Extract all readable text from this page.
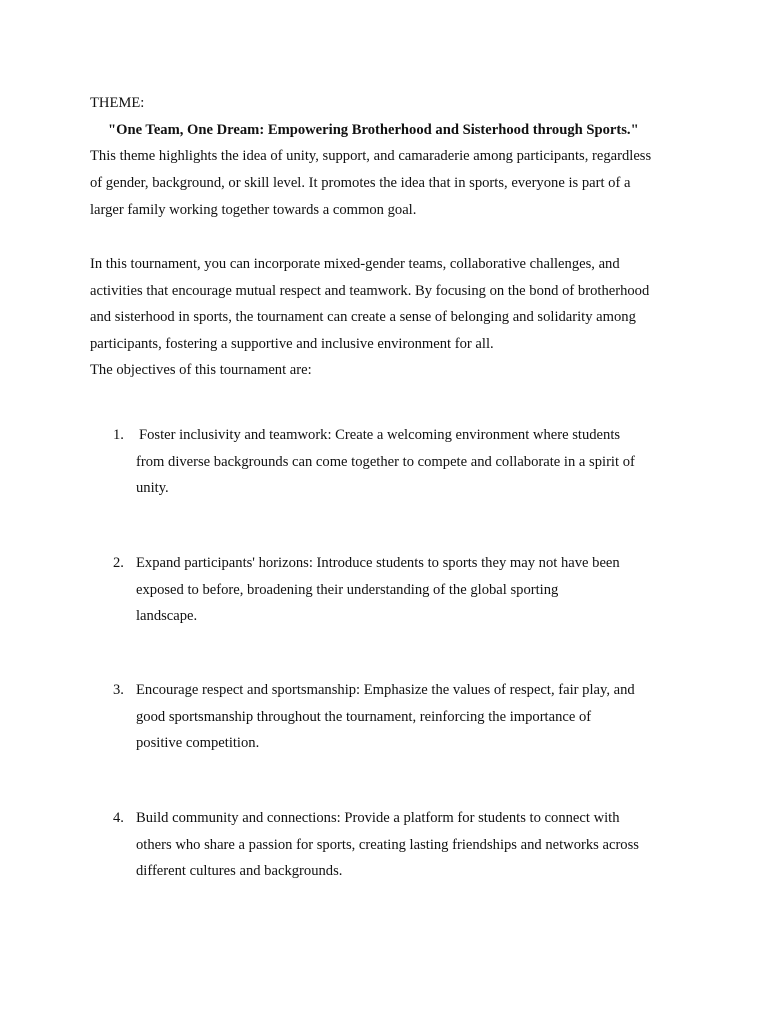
THEME:
"One Team, One Dream: Empowering Brotherhood and Sisterhood through Sports."
This theme highlights the idea of unity, support, and camaraderie among participants, regardless
of gender, background, or skill level. It promotes the idea that in sports, everyone is part of a
larger family working together towards a common goal.
In this tournament, you can incorporate mixed-gender teams, collaborative challenges, and
activities that encourage mutual respect and teamwork. By focusing on the bond of brotherhood
and sisterhood in sports, the tournament can create a sense of belonging and solidarity among
participants, fostering a supportive and inclusive environment for all.
The objectives of this tournament are:
1. Foster inclusivity and teamwork: Create a welcoming environment where students
from diverse backgrounds can come together to compete and collaborate in a spirit of
unity.
2. Expand participants' horizons: Introduce students to sports they may not have been
exposed to before, broadening their understanding of the global sporting
landscape.
3. Encourage respect and sportsmanship: Emphasize the values of respect, fair play, and
good sportsmanship throughout the tournament, reinforcing the importance of
positive competition.
4. Build community and connections: Provide a platform for students to connect with
others who share a passion for sports, creating lasting friendships and networks across
different cultures and backgrounds.
